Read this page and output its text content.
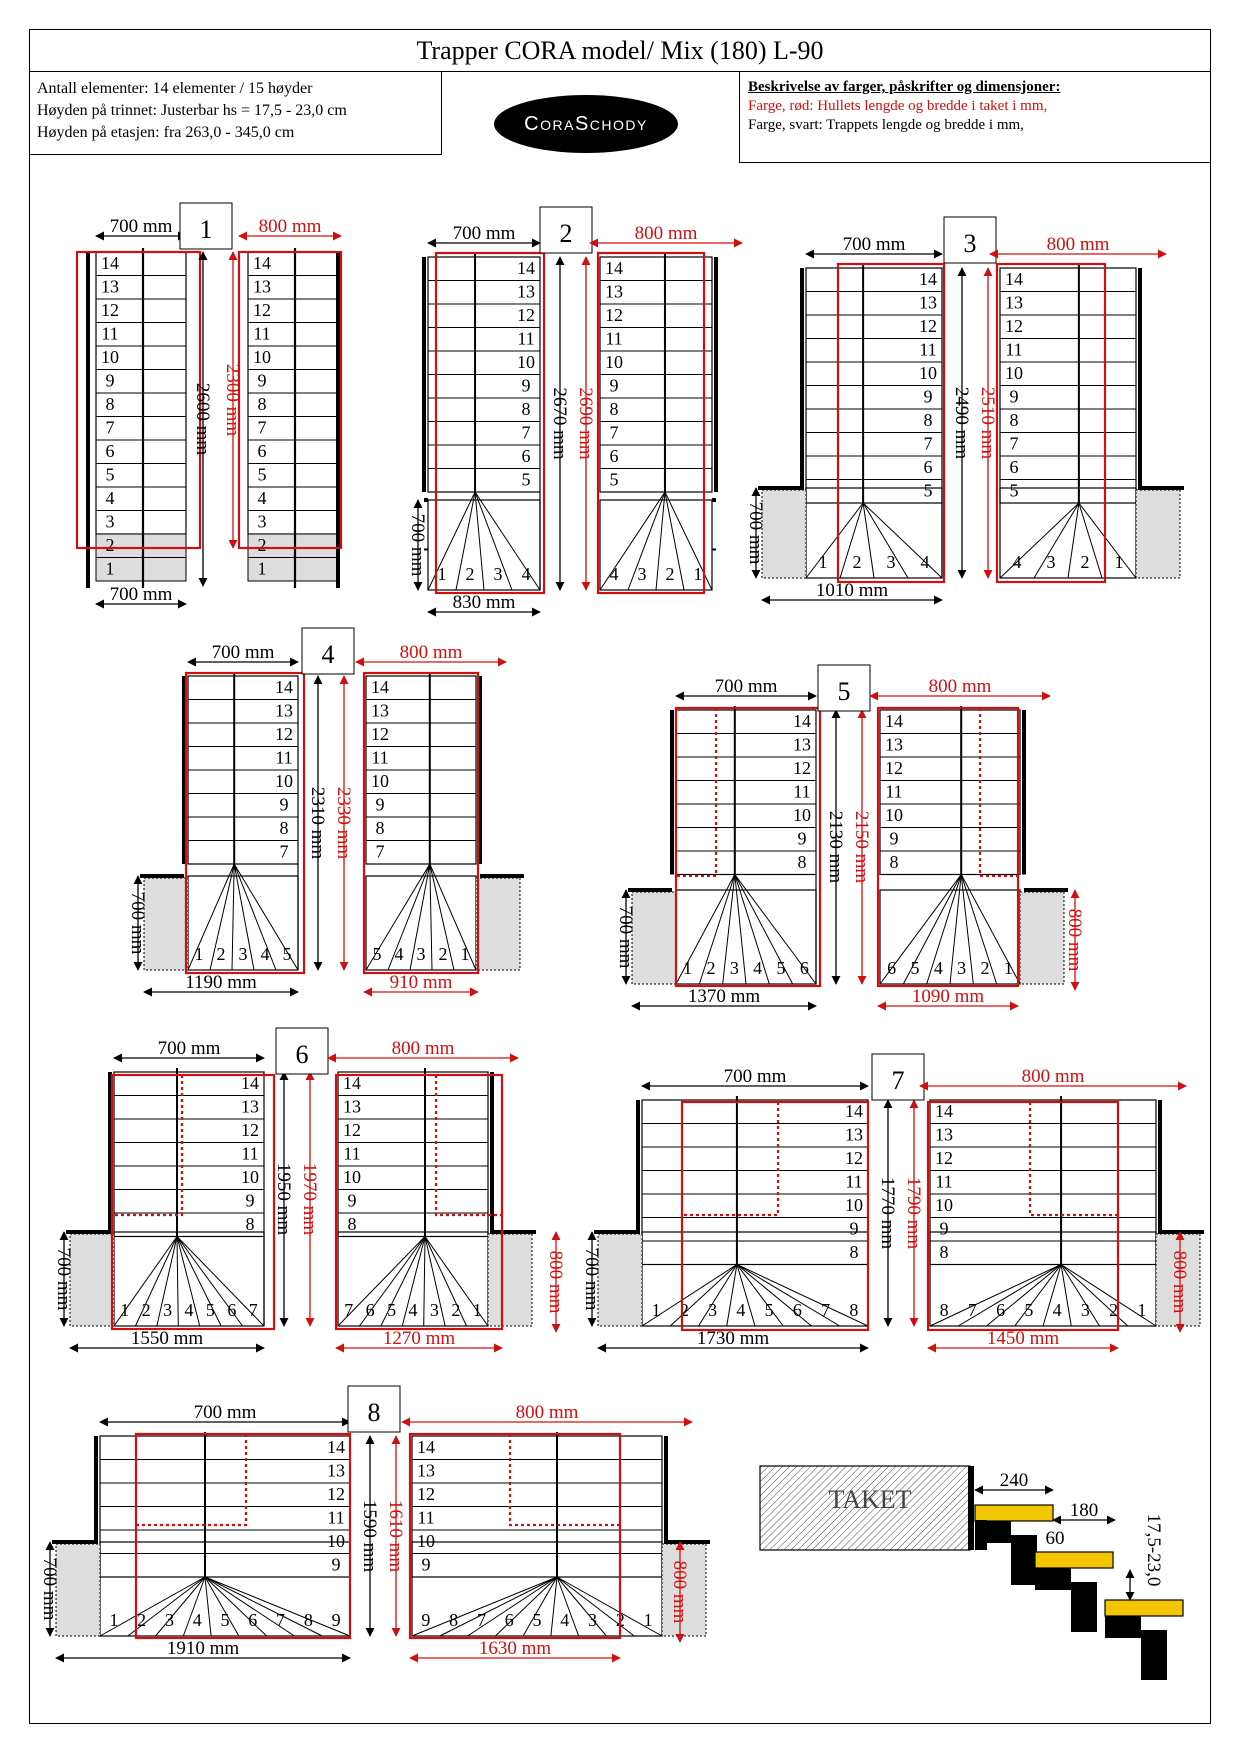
Trapper CORA model/ Mix (180) L-90
Antall elementer: 14 elementer / 15 høyder
Høyden på trinnet: Justerbar hs = 17,5 - 23,0 cm
Høyden på etasjen: fra 263,0 - 345,0 cm	CoraSchody
Beskrivelse av farger, påskrifter og dimensjoner:
Farge, rød: Hullets lengde og bredde i taket i mm,
Farge, svart: Trappets lengde og bredde i mm,
14
13
12
11
10
9
8
7
6
5
4
3
2
1
700 mm
700 mm
2600 mm 2300 mm
14
13
12
11
10
9
8
7
6
5
4
3
2
1
800 mm
1
14
13
12
11
10
9
8
7
6
5
1 2 3 4
700 mm
830 mm
2670 mm 2690 mm
700 mm
2
14
13
12
11
10
9
8
7
6
5
4 3 2 1
800 mm
14
13
12
11
10
9
8
7
6
5
1 2 3 4
700 mm
1010 mm
2490 mm 2510 mm
700 mm
3
14
13
12
11
10
9
8
7
6
5
4 3 2 1
800 mm
14
13
12
11
10
9
8
7
1 2 3 4 5
700 mm
1190 mm
2310 mm 2330 mm
700 mm
4
14
13
12
11
10
9
8
7
5 4 3 2 1
800 mm
910 mm
14
13
12
11
10
9
8
1 2 3 4 5 6
700 mm
1370 mm
2130 mm 2150 mm
700 mm
5
14
13
12
11
10
9
8
6 5 4 3 2 1
800 mm
1090 mm
800 mm
14
13
12
11
10
9
8
1 2 3 4 5 6 7
700 mm
1550 mm
1950 mm 1970 mm
700 mm
6
14
13
12
11
10
9
8
7 6 5 4 3 2 1
800 mm
1270 mm
800 mm
14
13
12
11
10
9
8
1 2 3 4 5 6 7 8
700 mm
1730 mm
1770 mm 1790 mm
700 mm
7
14
13
12
11
10
9
8
8 7 6 5 4 3 2 1
800 mm
1450 mm
800 mm
14
13
12
11
10
9
1 2 3 4 5 6 7 8 9
700 mm
1910 mm
1590 mm 1610 mm
700 mm
8
14
13
12
11
10
9
9 8 7 6 5 4 3 2 1
800 mm
1630 mm
800 mm
TAKET
240
180
60	17,5-23,0
